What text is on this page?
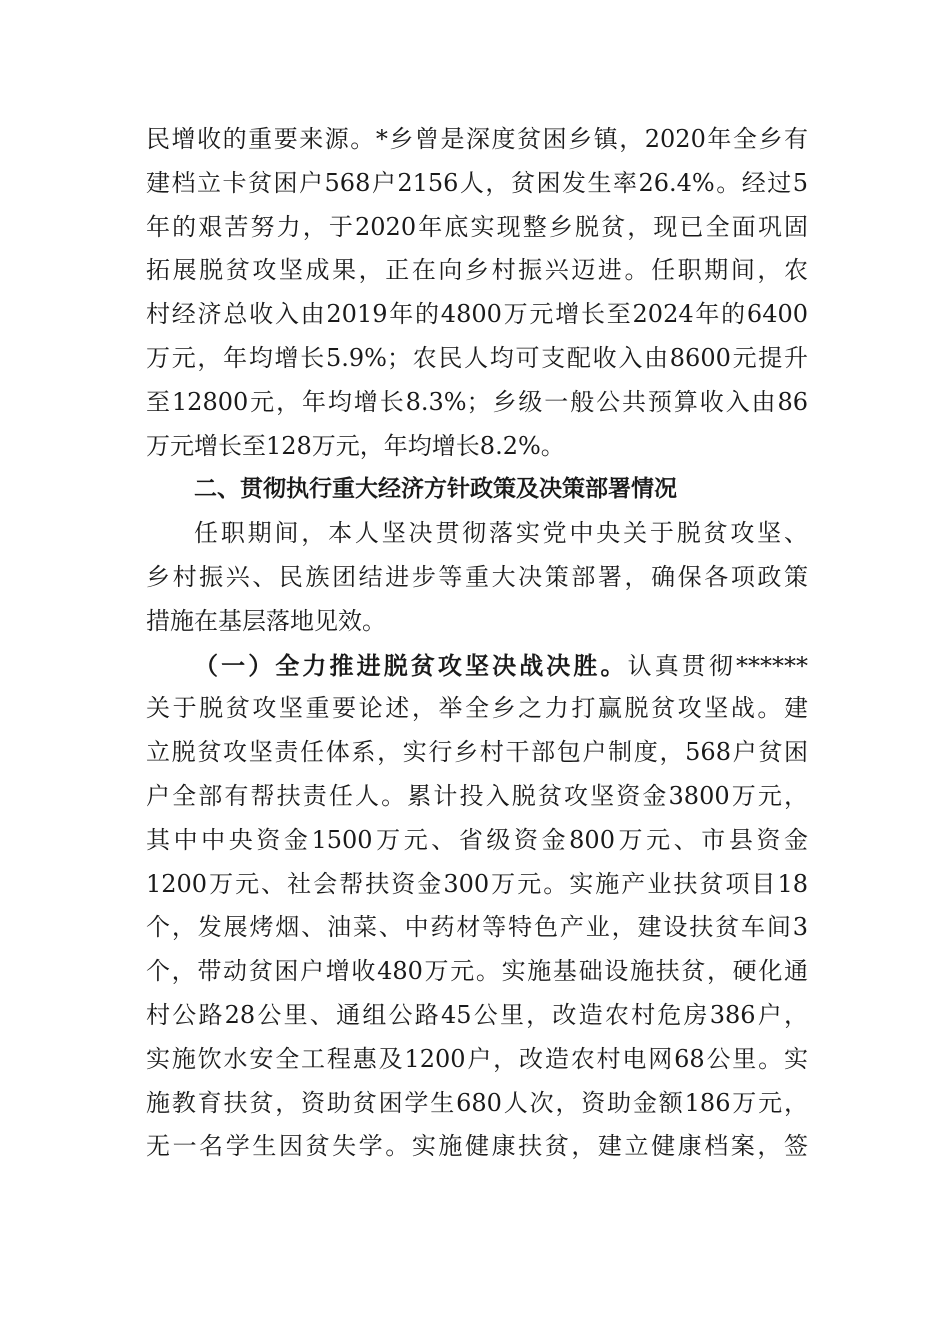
民增收的重要来源。*乡曾是深度贫困乡镇，2020年全乡有
建档立卡贫困户568户2156人，贫困发生率26.4%。经过5
年的艰苦努力，于2020年底实现整乡脱贫，现已全面巩固
拓展脱贫攻坚成果，正在向乡村振兴迈进。任职期间，农
村经济总收入由2019年的4800万元增长至2024年的6400
万元，年均增长5.9%；农民人均可支配收入由8600元提升
至12800元，年均增长8.3%；乡级一般公共预算收入由86
万元增长至128万元，年均增长8.2%。
二、贯彻执行重大经济方针政策及决策部署情况
任职期间，本人坚决贯彻落实党中央关于脱贫攻坚、
乡村振兴、民族团结进步等重大决策部署，确保各项政策
措施在基层落地见效。
（一）全力推进脱贫攻坚决战决胜。认真贯彻******
关于脱贫攻坚重要论述，举全乡之力打赢脱贫攻坚战。建
立脱贫攻坚责任体系，实行乡村干部包户制度，568户贫困
户全部有帮扶责任人。累计投入脱贫攻坚资金3800万元，
其中中央资金1500万元、省级资金800万元、市县资金
1200万元、社会帮扶资金300万元。实施产业扶贫项目18
个，发展烤烟、油菜、中药材等特色产业，建设扶贫车间3
个，带动贫困户增收480万元。实施基础设施扶贫，硬化通
村公路28公里、通组公路45公里，改造农村危房386户，
实施饮水安全工程惠及1200户，改造农村电网68公里。实
施教育扶贫，资助贫困学生680人次，资助金额186万元，
无一名学生因贫失学。实施健康扶贫，建立健康档案，签
